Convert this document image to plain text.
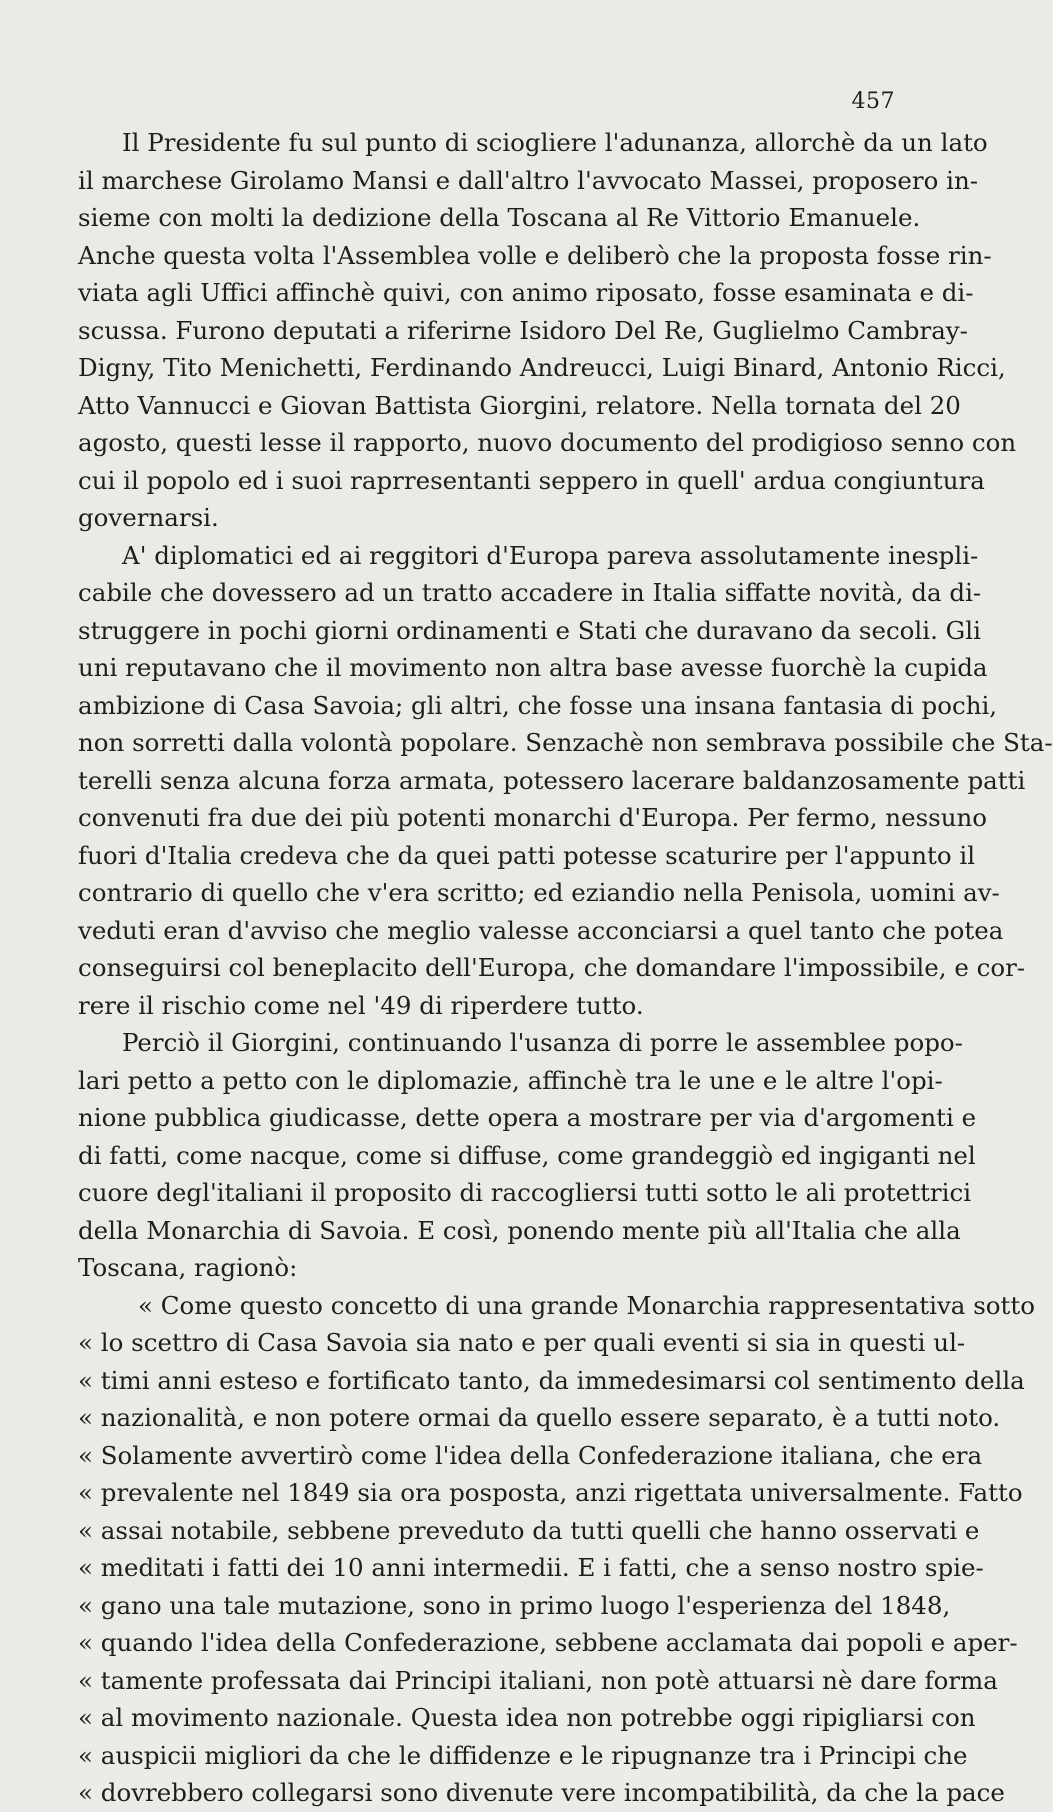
457
Il Presidente fu sul punto di sciogliere l'adunanza, allorchè da un lato
il marchese Girolamo Mansi e dall'altro l'avvocato Massei, proposero in-
sieme con molti la dedizione della Toscana al Re Vittorio Emanuele.
Anche questa volta l'Assemblea volle e deliberò che la proposta fosse rin-
viata agli Uffici affinchè quivi, con animo riposato, fosse esaminata e di-
scussa. Furono deputati a riferirne Isidoro Del Re, Guglielmo Cambray-
Digny, Tito Menichetti, Ferdinando Andreucci, Luigi Binard, Antonio Ricci,
Atto Vannucci e Giovan Battista Giorgini, relatore. Nella tornata del 20
agosto, questi lesse il rapporto, nuovo documento del prodigioso senno con
cui il popolo ed i suoi raprresentanti seppero in quell' ardua congiuntura
governarsi.
A' diplomatici ed ai reggitori d'Europa pareva assolutamente inespli-
cabile che dovessero ad un tratto accadere in Italia siffatte novità, da di-
struggere in pochi giorni ordinamenti e Stati che duravano da secoli. Gli
uni reputavano che il movimento non altra base avesse fuorchè la cupida
ambizione di Casa Savoia; gli altri, che fosse una insana fantasia di pochi,
non sorretti dalla volontà popolare. Senzachè non sembrava possibile che Sta-
terelli senza alcuna forza armata, potessero lacerare baldanzosamente patti
convenuti fra due dei più potenti monarchi d'Europa. Per fermo, nessuno
fuori d'Italia credeva che da quei patti potesse scaturire per l'appunto il
contrario di quello che v'era scritto; ed eziandio nella Penisola, uomini av-
veduti eran d'avviso che meglio valesse acconciarsi a quel tanto che potea
conseguirsi col beneplacito dell'Europa, che domandare l'impossibile, e cor-
rere il rischio come nel '49 di riperdere tutto.
Perciò il Giorgini, continuando l'usanza di porre le assemblee popo-
lari petto a petto con le diplomazie, affinchè tra le une e le altre l'opi-
nione pubblica giudicasse, dette opera a mostrare per via d'argomenti e
di fatti, come nacque, come si diffuse, come grandeggiò ed ingiganti nel
cuore degl'italiani il proposito di raccogliersi tutti sotto le ali protettrici
della Monarchia di Savoia. E così, ponendo mente più all'Italia che alla
Toscana, ragionò:
« Come questo concetto di una grande Monarchia rappresentativa sotto
« lo scettro di Casa Savoia sia nato e per quali eventi si sia in questi ul-
« timi anni esteso e fortificato tanto, da immedesimarsi col sentimento della
« nazionalità, e non potere ormai da quello essere separato, è a tutti noto.
« Solamente avvertirò come l'idea della Confederazione italiana, che era
« prevalente nel 1849 sia ora posposta, anzi rigettata universalmente. Fatto
« assai notabile, sebbene preveduto da tutti quelli che hanno osservati e
« meditati i fatti dei 10 anni intermedii. E i fatti, che a senso nostro spie-
« gano una tale mutazione, sono in primo luogo l'esperienza del 1848,
« quando l'idea della Confederazione, sebbene acclamata dai popoli e aper-
« tamente professata dai Principi italiani, non potè attuarsi nè dare forma
« al movimento nazionale. Questa idea non potrebbe oggi ripigliarsi con
« auspicii migliori da che le diffidenze e le ripugnanze tra i Principi che
« dovrebbero collegarsi sono divenute vere incompatibilità, da che la pace
